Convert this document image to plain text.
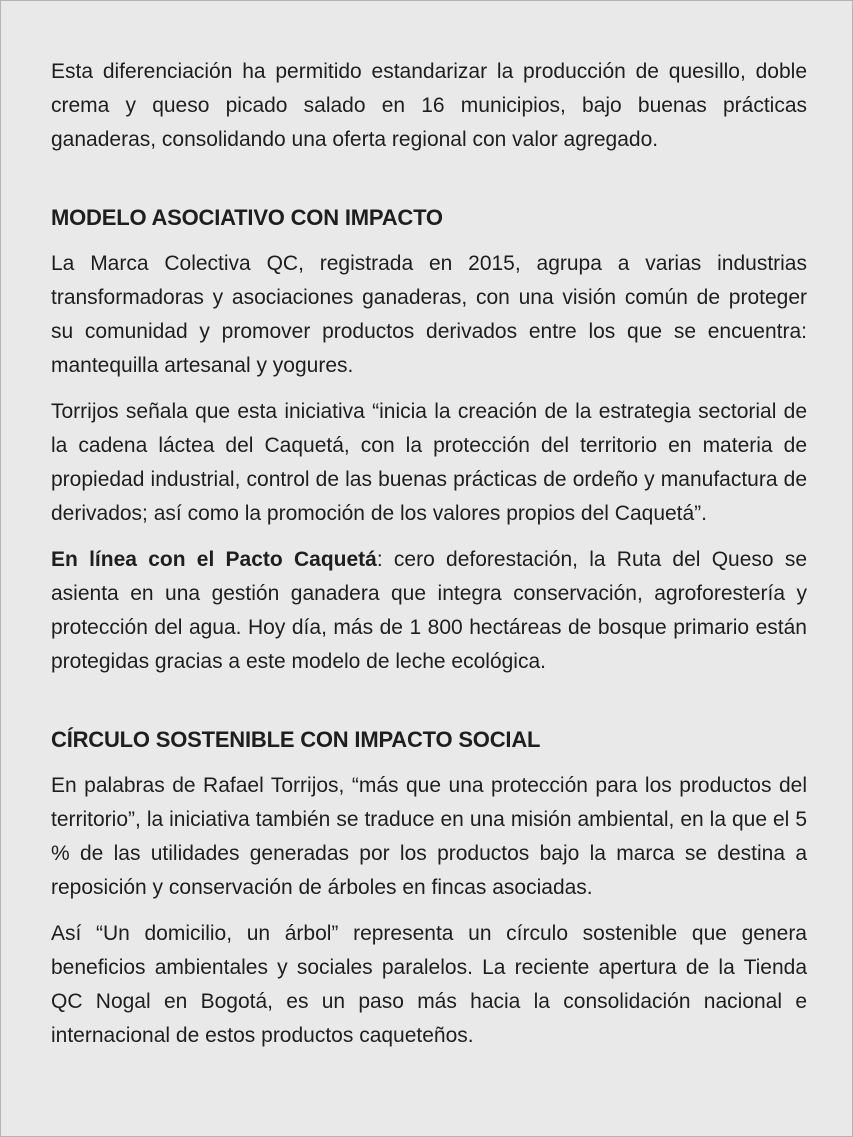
Esta diferenciación ha permitido estandarizar la producción de quesillo, doble crema y queso picado salado en 16 municipios, bajo buenas prácticas ganaderas, consolidando una oferta regional con valor agregado.

MODELO ASOCIATIVO CON IMPACTO

La Marca Colectiva QC, registrada en 2015, agrupa a varias industrias transformadoras y asociaciones ganaderas, con una visión común de proteger su comunidad y promover productos derivados entre los que se encuentra: mantequilla artesanal y yogures.

Torrijos señala que esta iniciativa “inicia la creación de la estrategia sectorial de la cadena láctea del Caquetá, con la protección del territorio en materia de propiedad industrial, control de las buenas prácticas de ordeño y manufactura de derivados; así como la promoción de los valores propios del Caquetá”.

En línea con el Pacto Caquetá: cero deforestación, la Ruta del Queso se asienta en una gestión ganadera que integra conservación, agroforestería y protección del agua. Hoy día, más de 1 800 hectáreas de bosque primario están protegidas gracias a este modelo de leche ecológica.

CÍRCULO SOSTENIBLE CON IMPACTO SOCIAL

En palabras de Rafael Torrijos, “más que una protección para los productos del territorio”, la iniciativa también se traduce en una misión ambiental, en la que el 5 % de las utilidades generadas por los productos bajo la marca se destina a reposición y conservación de árboles en fincas asociadas.

Así “Un domicilio, un árbol” representa un círculo sostenible que genera beneficios ambientales y sociales paralelos. La reciente apertura de la Tienda QC Nogal en Bogotá, es un paso más hacia la consolidación nacional e internacional de estos productos caqueteños.
